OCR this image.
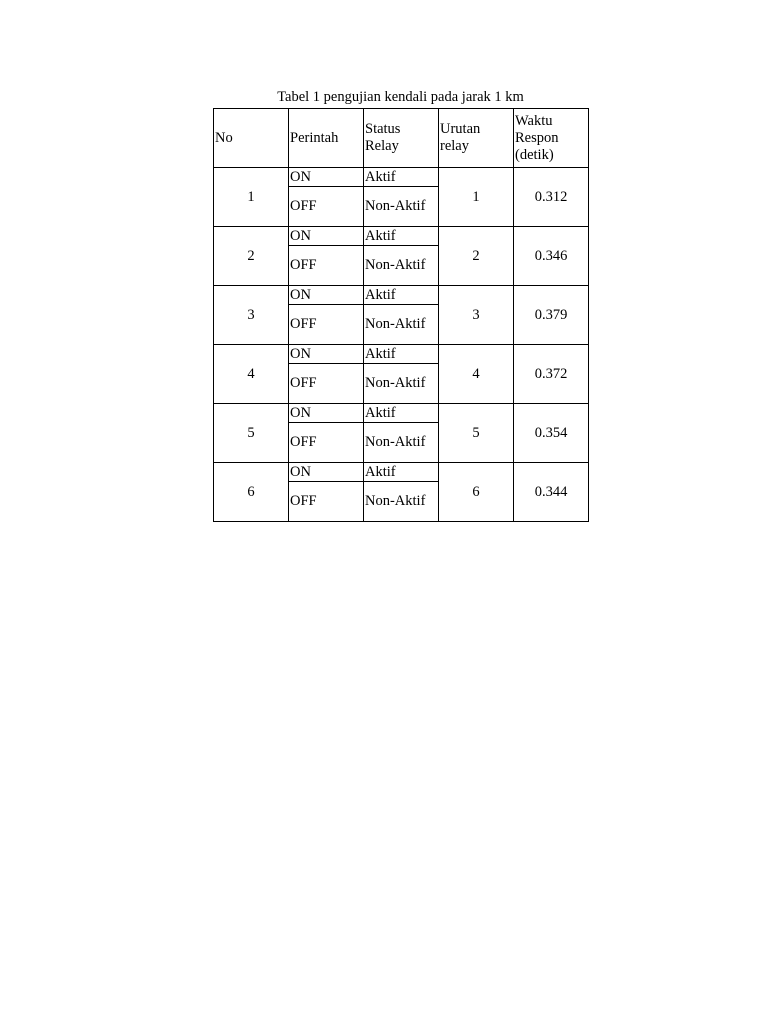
Tabel 1 pengujian kendali pada jarak 1 km
No	Perintah	Status Relay	Urutan relay	Waktu Respon (detik)
1	ON	Aktif	1	0.312
	OFF	Non-Aktif		
2	ON	Aktif	2	0.346
	OFF	Non-Aktif		
3	ON	Aktif	3	0.379
	OFF	Non-Aktif		
4	ON	Aktif	4	0.372
	OFF	Non-Aktif		
5	ON	Aktif	5	0.354
	OFF	Non-Aktif		
6	ON	Aktif	6	0.344
	OFF	Non-Aktif		
